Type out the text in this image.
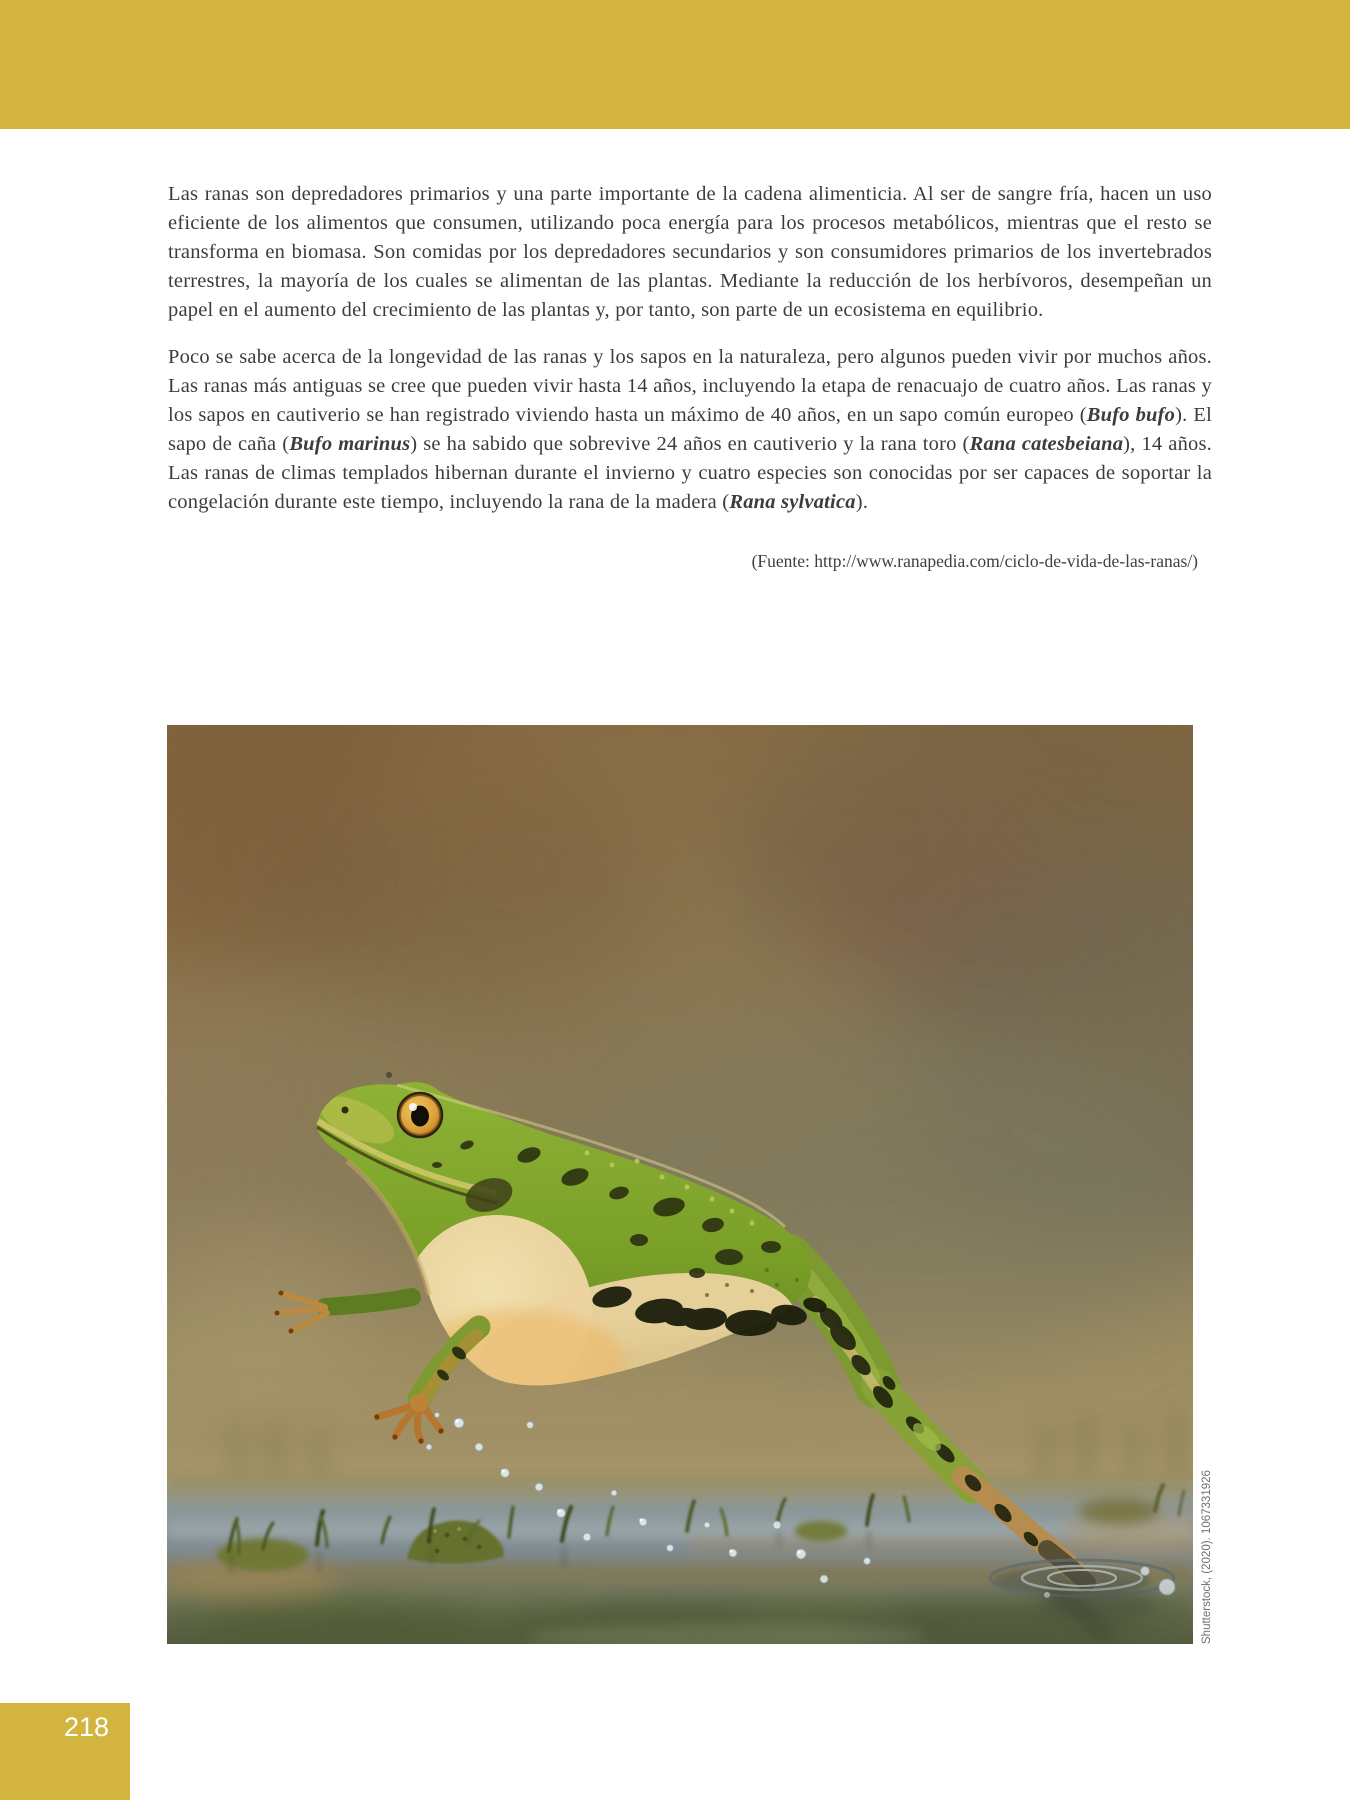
Las ranas son depredadores primarios y una parte importante de la cadena alimenticia. Al ser de sangre fría, hacen un uso eficiente de los alimentos que consumen, utilizando poca energía para los procesos metabólicos, mientras que el resto se transforma en biomasa. Son comidas por los depredadores secundarios y son consumidores primarios de los invertebrados terrestres, la mayoría de los cuales se alimentan de las plantas. Mediante la reducción de los herbívoros, desempeñan un papel en el aumento del crecimiento de las plantas y, por tanto, son parte de un ecosistema en equilibrio.

Poco se sabe acerca de la longevidad de las ranas y los sapos en la naturaleza, pero algunos pueden vivir por muchos años. Las ranas más antiguas se cree que pueden vivir hasta 14 años, incluyendo la etapa de renacuajo de cuatro años. Las ranas y los sapos en cautiverio se han registrado viviendo hasta un máximo de 40 años, en un sapo común europeo (Bufo bufo). El sapo de caña (Bufo marinus) se ha sabido que sobrevive 24 años en cautiverio y la rana toro (Rana catesbeiana), 14 años. Las ranas de climas templados hibernan durante el invierno y cuatro especies son conocidas por ser capaces de soportar la congelación durante este tiempo, incluyendo la rana de la madera (Rana sylvatica).

(Fuente: http://www.ranapedia.com/ciclo-de-vida-de-las-ranas/)
Shutterstock, (2020). 1067331926
218
